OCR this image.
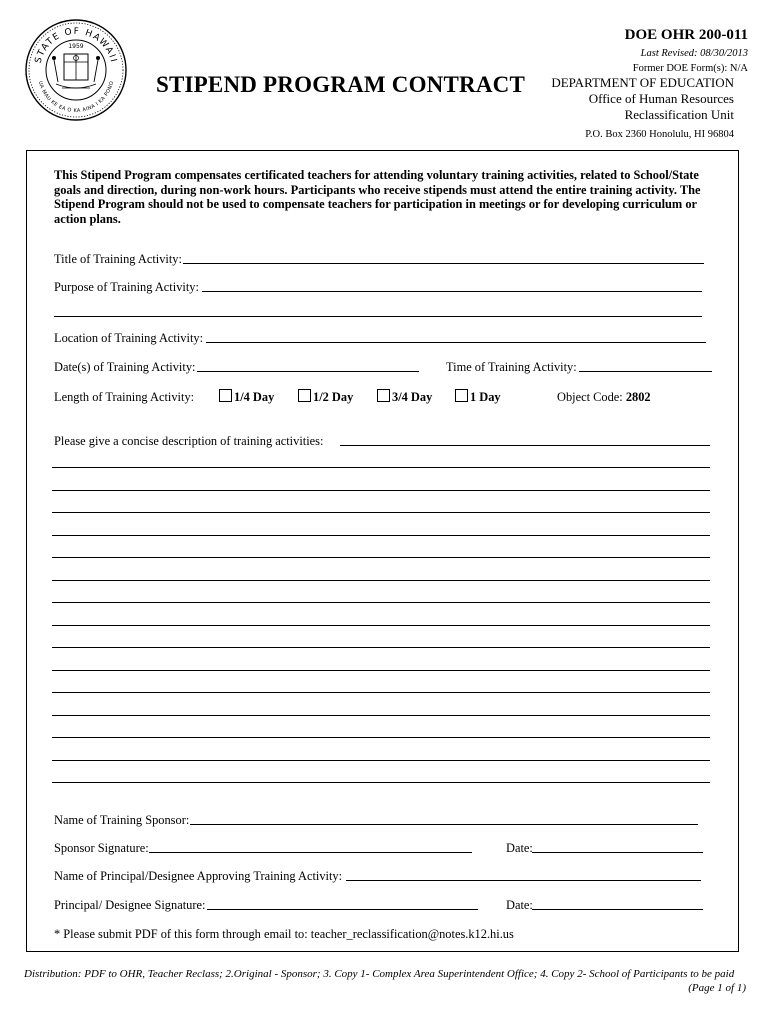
STATE OF HAWAII
UA MAU KE EA O KA AINA I KA PONO
1959
STIPEND PROGRAM CONTRACT
DOE OHR 200-011
Last Revised: 08/30/2013
Former DOE Form(s): N/A
DEPARTMENT OF EDUCATION
Office of Human Resources
Reclassification Unit
P.O. Box 2360 Honolulu, HI 96804
This Stipend Program compensates certificated teachers for attending voluntary training activities, related to School/State goals and direction, during non-work hours. Participants who receive stipends must attend the entire training activity. The Stipend Program should not be used to compensate teachers for participation in meetings or for developing curriculum or action plans.
Title of Training Activity:
Purpose of Training Activity:
Location of Training Activity:
Date(s) of Training Activity:	Time of Training Activity:
Length of Training Activity:	1/4 Day	1/2 Day	3/4 Day	1 Day	Object Code: 2802
Please give a concise description of training activities:
Name of Training Sponsor:
Sponsor Signature:	Date:
Name of Principal/Designee Approving Training Activity:
Principal/ Designee Signature:	Date:
* Please submit PDF of this form through email to: teacher_reclassification@notes.k12.hi.us
Distribution: PDF to OHR, Teacher Reclass; 2.Original - Sponsor; 3. Copy 1- Complex Area Superintendent Office; 4. Copy 2- School of Participants to be paid
(Page 1 of 1)
